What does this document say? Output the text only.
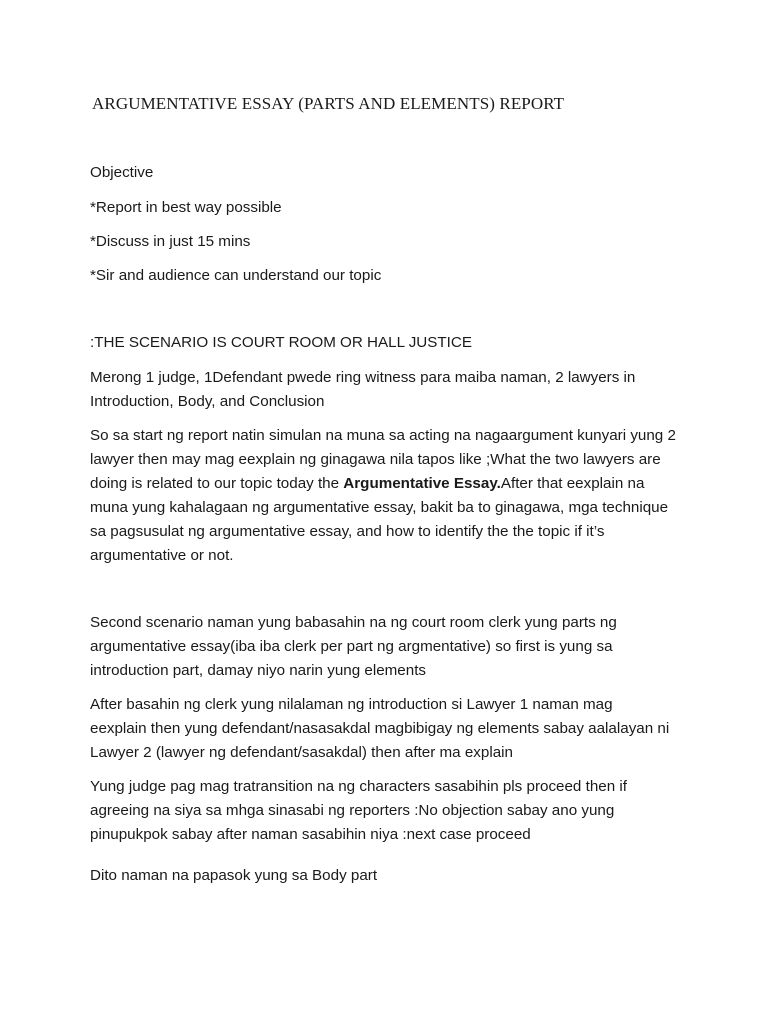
ARGUMENTATIVE ESSAY (PARTS AND ELEMENTS) REPORT

Objective

*Report in best way possible

*Discuss in just 15 mins

*Sir and audience can understand our topic

:THE SCENARIO IS COURT ROOM OR HALL JUSTICE

Merong 1 judge, 1Defendant pwede ring witness para maiba naman, 2 lawyers in Introduction, Body, and Conclusion

So sa start ng report natin simulan na muna sa acting na nagaargument kunyari yung 2 lawyer then may mag eexplain ng ginagawa nila tapos like ;What the two lawyers are doing is related to our topic today the Argumentative Essay.After that eexplain na muna yung kahalagaan ng argumentative essay, bakit ba to ginagawa, mga technique sa pagsusulat ng argumentative essay, and how to identify the the topic if it’s argumentative or not.

Second scenario naman yung babasahin na ng court room clerk yung parts ng argumentative essay(iba iba clerk per part ng argmentative) so first is yung sa introduction part, damay niyo narin yung elements

After basahin ng clerk yung nilalaman ng introduction si Lawyer 1 naman mag eexplain then yung defendant/nasasakdal magbibigay ng elements sabay aalalayan ni Lawyer 2 (lawyer ng defendant/sasakdal) then after ma explain

Yung judge pag mag tratransition na ng characters sasabihin pls proceed then if agreeing na siya sa mhga sinasabi ng reporters :No objection sabay ano yung pinupukpok sabay after naman sasabihin niya :next case proceed

Dito naman na papasok yung sa Body part
